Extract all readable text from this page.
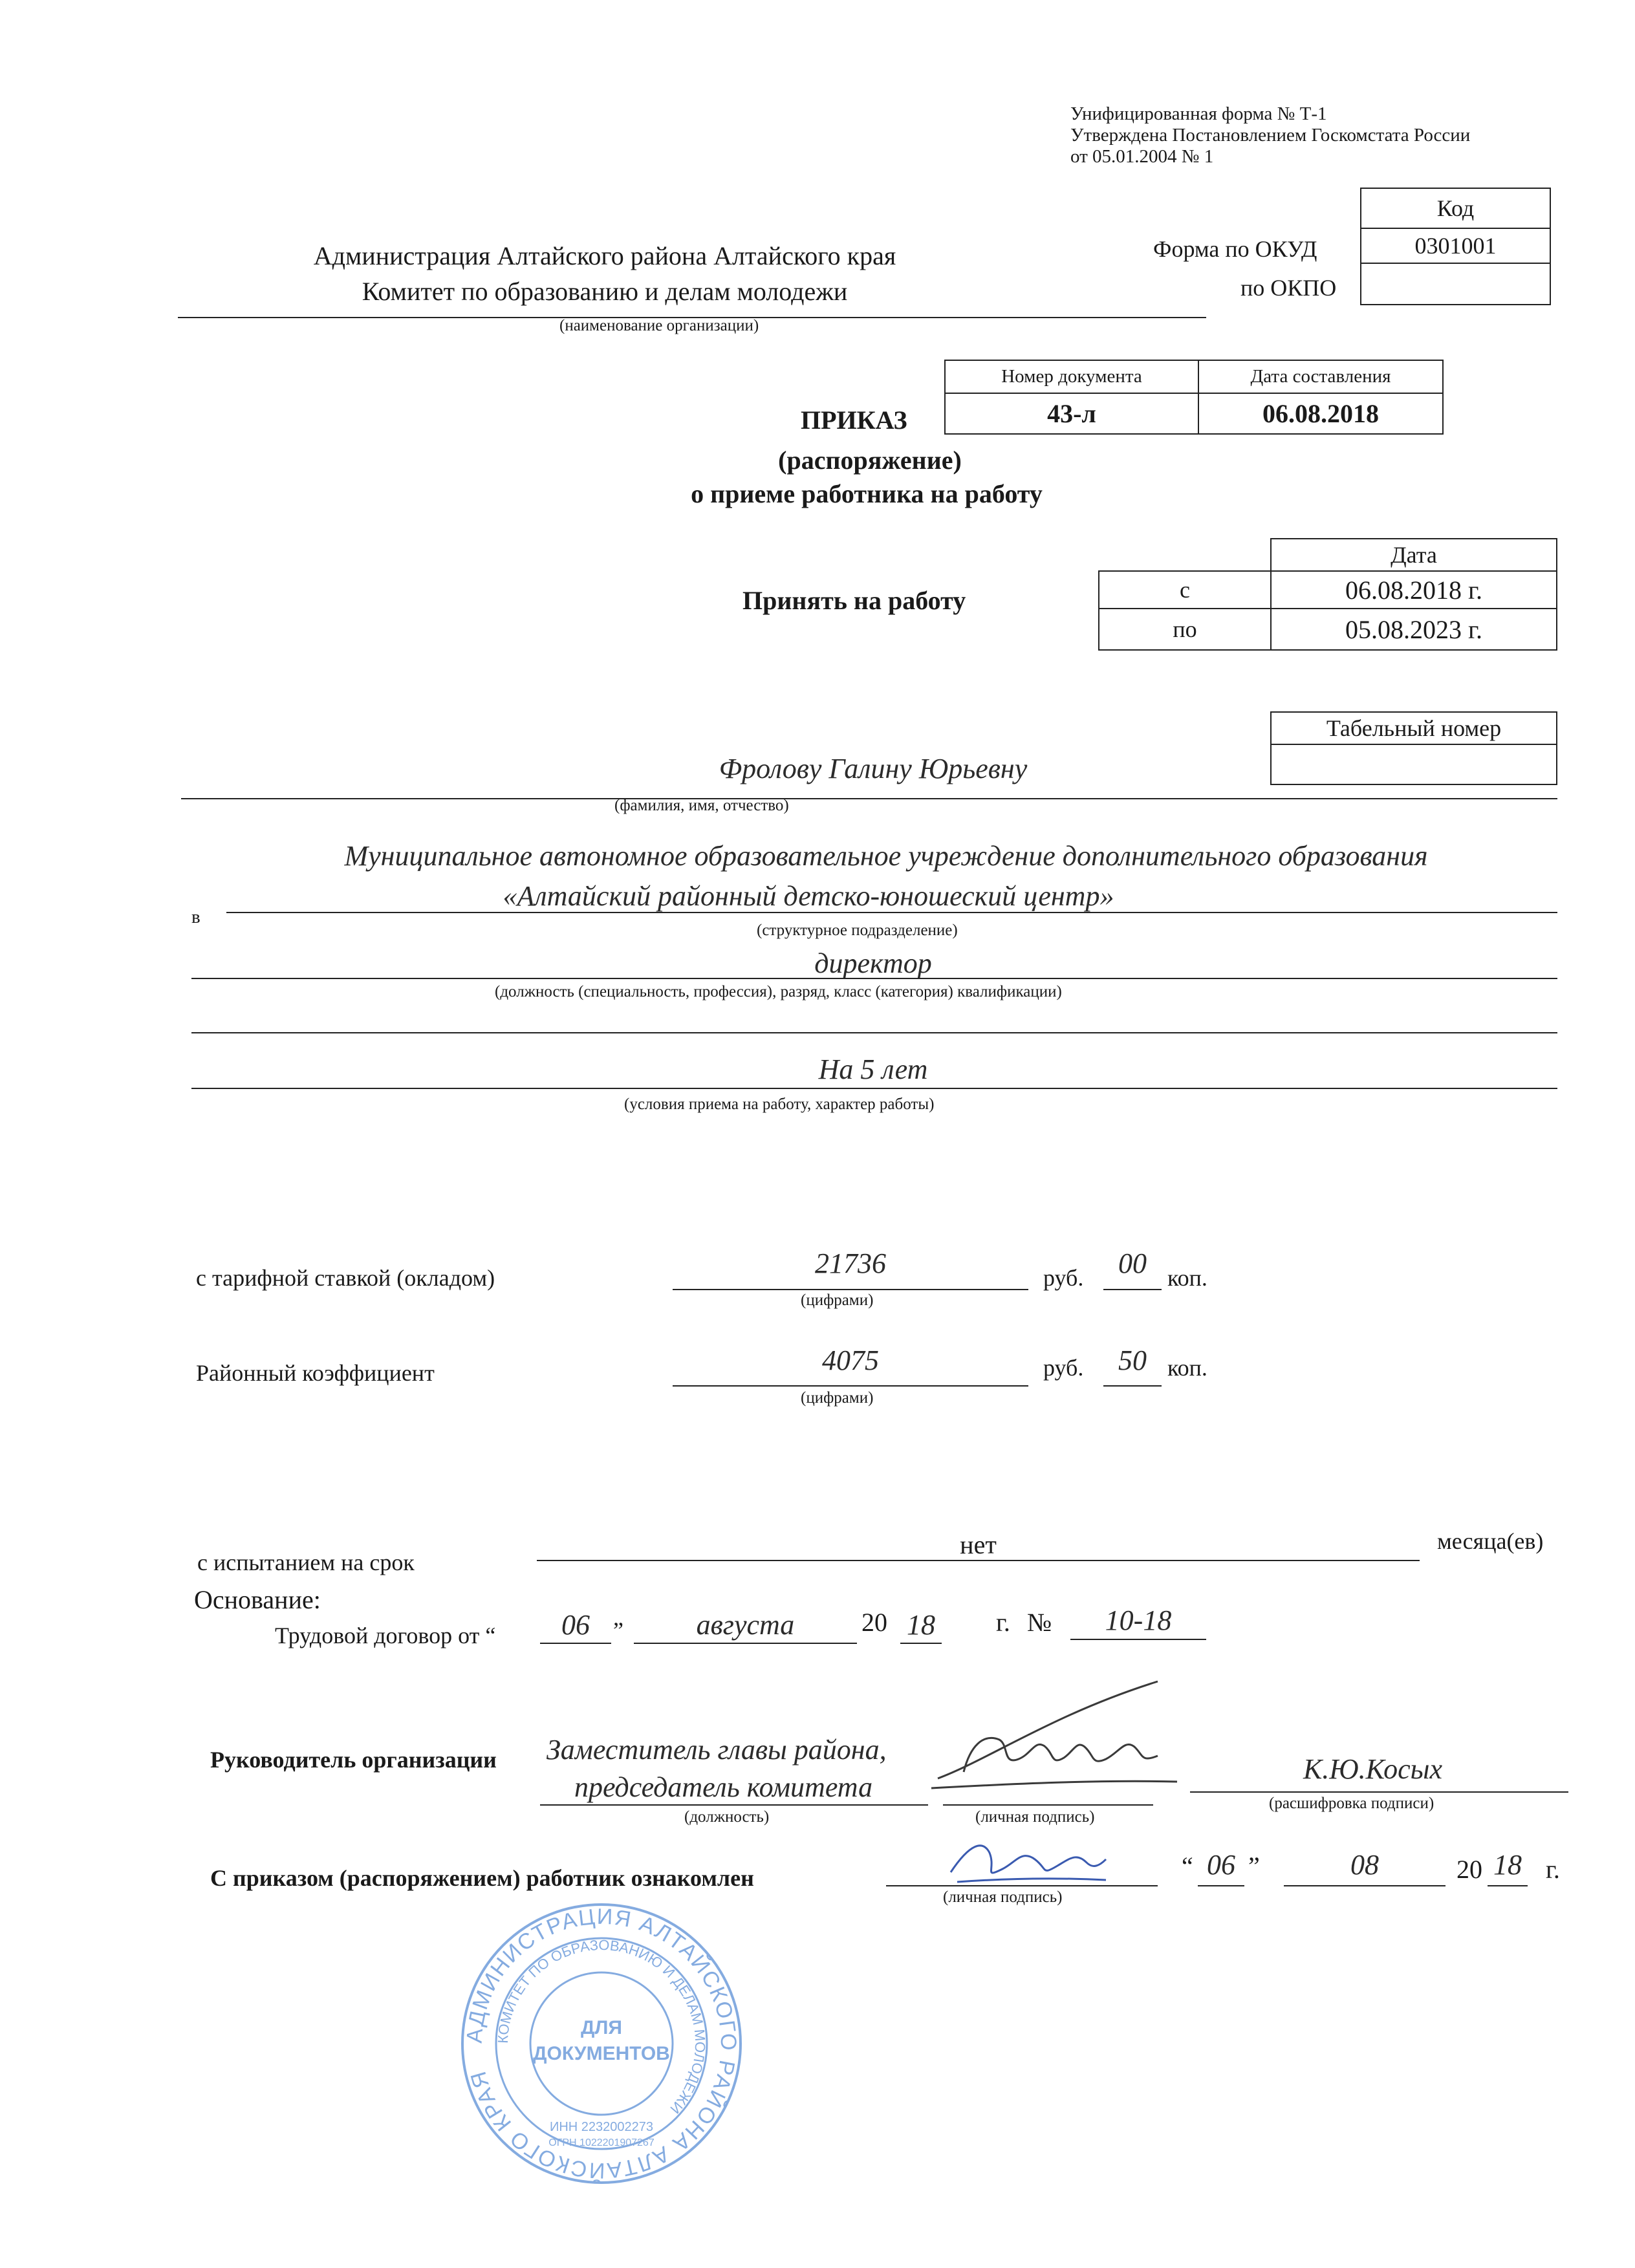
Унифицированная форма № Т-1
Утверждена Постановлением Госкомстата России
от 05.01.2004 № 1
Код
0301001
Форма по ОКУД
по ОКПО
Администрация Алтайского района Алтайского края
Комитет по образованию и делам молодежи
(наименование организации)
Номер документа	Дата составления
43-л	06.08.2018
ПРИКАЗ
(распоряжение)
о приеме работника на работу
Принять на работу
Дата
с	06.08.2018 г.
по	05.08.2023 г.
Табельный номер
Фролову Галину Юрьевну
(фамилия, имя, отчество)
Муниципальное автономное образовательное учреждение дополнительного образования
в
«Алтайский районный детско-юношеский центр»
(структурное подразделение)
директор
(должность (специальность, профессия), разряд, класс (категория) квалификации)
На 5 лет
(условия приема на работу, характер работы)
с тарифной ставкой (окладом)	21736
(цифрами)
руб.	00 коп.
Районный коэффициент	4075
(цифрами)
руб.	50 коп.
с испытанием на срок
нет	месяца(ев)
Основание:
Трудовой договор от “	06	”	августа	20 18 г. №	10-18
Руководитель организации Заместитель главы района,
председатель комитета
(должность)	(личная подпись)
К.Ю.Косых
(расшифровка подписи)
С приказом (распоряжением) работник ознакомлен
(личная подпись)
“ 06 ”	08	20 18 г.
АДМИНИСТРАЦИЯ АЛТАЙСКОГО РАЙОНА АЛТАЙСКОГО КРАЯ
КОМИТЕТ ПО ОБРАЗОВАНИЮ И ДЕЛАМ МОЛОДЕЖИ
ДЛЯ
ДОКУМЕНТОВ
ИНН 2232002273
ОГРН 1022201907267
